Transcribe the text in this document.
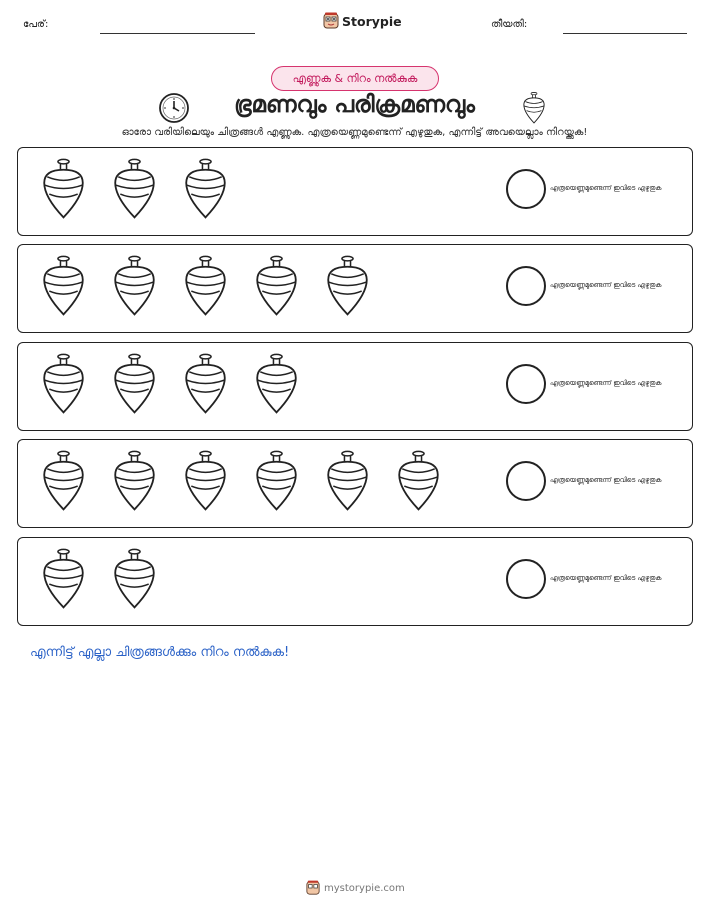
പേര്:	Storypie	തീയതി:
എണ്ണുക & നിറം നൽകുക
ഭ്രമണവും പരിക്രമണവും
ഓരോ വരിയിലെയും ചിത്രങ്ങൾ എണ്ണുക. എത്രയെണ്ണമുണ്ടെന്ന് എഴുതുക, എന്നിട്ട് അവയെല്ലാം നിറയ്ക്കുക!
എത്രയെണ്ണമുണ്ടെന്ന് ഇവിടെ എഴുതുക
എത്രയെണ്ണമുണ്ടെന്ന് ഇവിടെ എഴുതുക
എത്രയെണ്ണമുണ്ടെന്ന് ഇവിടെ എഴുതുക
എത്രയെണ്ണമുണ്ടെന്ന് ഇവിടെ എഴുതുക
എത്രയെണ്ണമുണ്ടെന്ന് ഇവിടെ എഴുതുക
എന്നിട്ട് എല്ലാ ചിത്രങ്ങൾക്കും നിറം നൽകുക!
mystorypie.com
